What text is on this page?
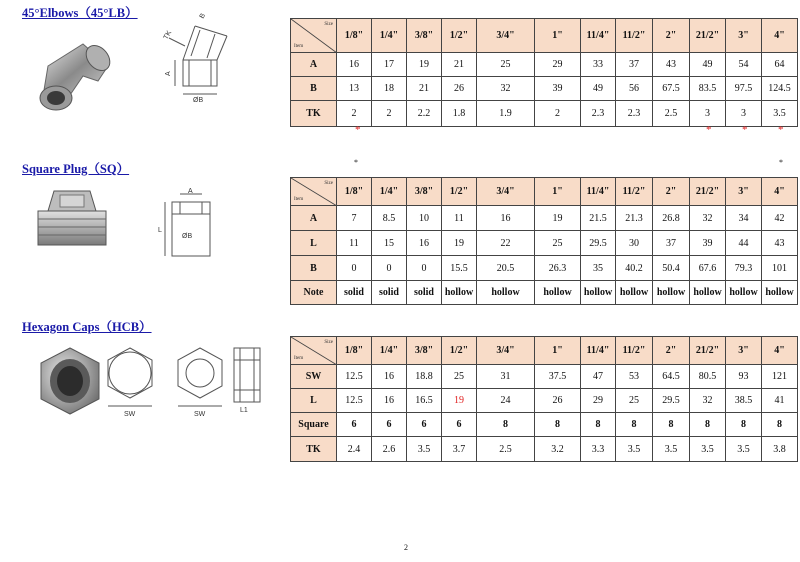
45°Elbows（45°LB）
TK
B
A
ØB
Size
Item	1/8"	1/4"	3/8"	1/2"	3/4"	1"	11/4"	11/2"	2"	21/2"	3"	4"
A	16	17	19	21	25	29	33	37	43	49	54	64
B	13	18	21	26	32	39	49	56	67.5	83.5	97.5	124.5
TK	2	2	2.2	1.8	1.9	2	2.3	2.3	2.5	3	3	3.5
*	*	*	*
Square Plug（SQ）	*	*
A
L
ØB
Size
Item	1/8"	1/4"	3/8"	1/2"	3/4"	1"	11/4"	11/2"	2"	21/2"	3"	4"
A	7	8.5	10	11	16	19	21.5	21.3	26.8	32	34	42
L	11	15	16	19	22	25	29.5	30	37	39	44	43
B	0	0	0	15.5	20.5	26.3	35	40.2	50.4	67.6	79.3	101
Note	solid	solid	solid	hollow	hollow	hollow	hollow	hollow	hollow	hollow	hollow	hollow
Hexagon Caps（HCB）
SW	SW
L1
Size
Item	1/8"	1/4"	3/8"	1/2"	3/4"	1"	11/4"	11/2"	2"	21/2"	3"	4"
SW	12.5	16	18.8	25	31	37.5	47	53	64.5	80.5	93	121
L	12.5	16	16.5	19	24	26	29	25	29.5	32	38.5	41
Square	6	6	6	6	8	8	8	8	8	8	8	8
TK	2.4	2.6	3.5	3.7	2.5	3.2	3.3	3.5	3.5	3.5	3.5	3.8
2
